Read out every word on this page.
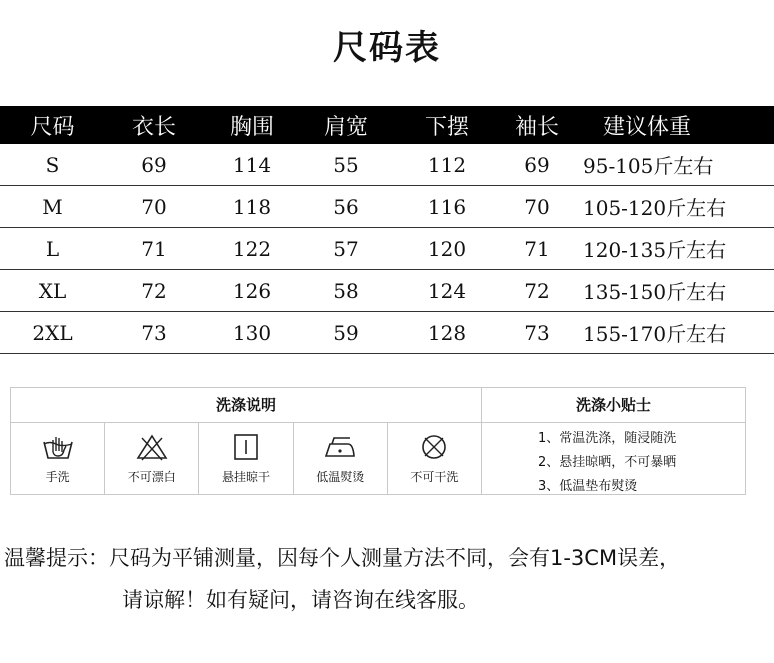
尺码表
尺码	衣长	胸围	肩宽	下摆	袖长	建议体重
S	69	114	55	112	69	95-105斤左右
M	70	118	56	116	70	105-120斤左右
L	71	122	57	120	71	120-135斤左右
XL	72	126	58	124	72	135-150斤左右
2XL	73	130	59	128	73	155-170斤左右
洗涤说明
手洗	不可漂白	悬挂晾干	低温熨烫	不可干洗
洗涤小贴士
1、常温洗涤，随浸随洗
2、悬挂晾晒，不可暴晒
3、低温垫布熨烫
温馨提示：尺码为平铺测量，因每个人测量方法不同，会有1-3CM误差，
请谅解！如有疑问，请咨询在线客服。
